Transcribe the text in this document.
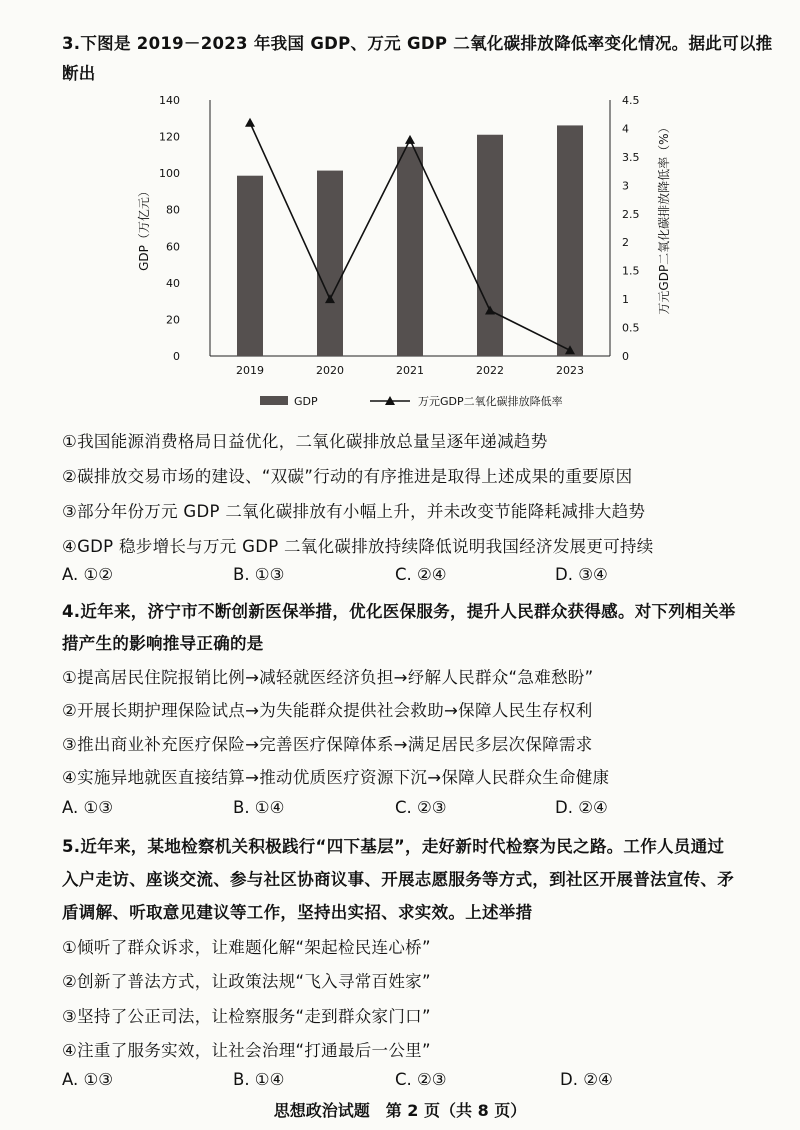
3.下图是 2019－2023 年我国 GDP、万元 GDP 二氧化碳排放降低率变化情况。据此可以推
断出
0
20
40
60
80
100
120
140
0
0.5
1
1.5
2
2.5
3
3.5
4
4.5
GDP（万亿元）	万元GDP二氧化碳排放降低率（%）
2019	2020	2021	2022	2023
GDP	万元GDP二氧化碳排放降低率
①我国能源消费格局日益优化，二氧化碳排放总量呈逐年递减趋势
②碳排放交易市场的建设、“双碳”行动的有序推进是取得上述成果的重要原因
③部分年份万元 GDP 二氧化碳排放有小幅上升，并未改变节能降耗减排大趋势
④GDP 稳步增长与万元 GDP 二氧化碳排放持续降低说明我国经济发展更可持续
A. ①②	B. ①③	C. ②④	D. ③④
4.近年来，济宁市不断创新医保举措，优化医保服务，提升人民群众获得感。对下列相关举
措产生的影响推导正确的是
①提高居民住院报销比例→减轻就医经济负担→纾解人民群众“急难愁盼”
②开展长期护理保险试点→为失能群众提供社会救助→保障人民生存权利
③推出商业补充医疗保险→完善医疗保障体系→满足居民多层次保障需求
④实施异地就医直接结算→推动优质医疗资源下沉→保障人民群众生命健康
A. ①③	B. ①④	C. ②③	D. ②④
5.近年来，某地检察机关积极践行“四下基层”，走好新时代检察为民之路。工作人员通过
入户走访、座谈交流、参与社区协商议事、开展志愿服务等方式，到社区开展普法宣传、矛
盾调解、听取意见建议等工作，坚持出实招、求实效。上述举措
①倾听了群众诉求，让难题化解“架起检民连心桥”
②创新了普法方式，让政策法规“飞入寻常百姓家”
③坚持了公正司法，让检察服务“走到群众家门口”
④注重了服务实效，让社会治理“打通最后一公里”
A. ①③	B. ①④	C. ②③	D. ②④
思想政治试题　第 2 页（共 8 页）
